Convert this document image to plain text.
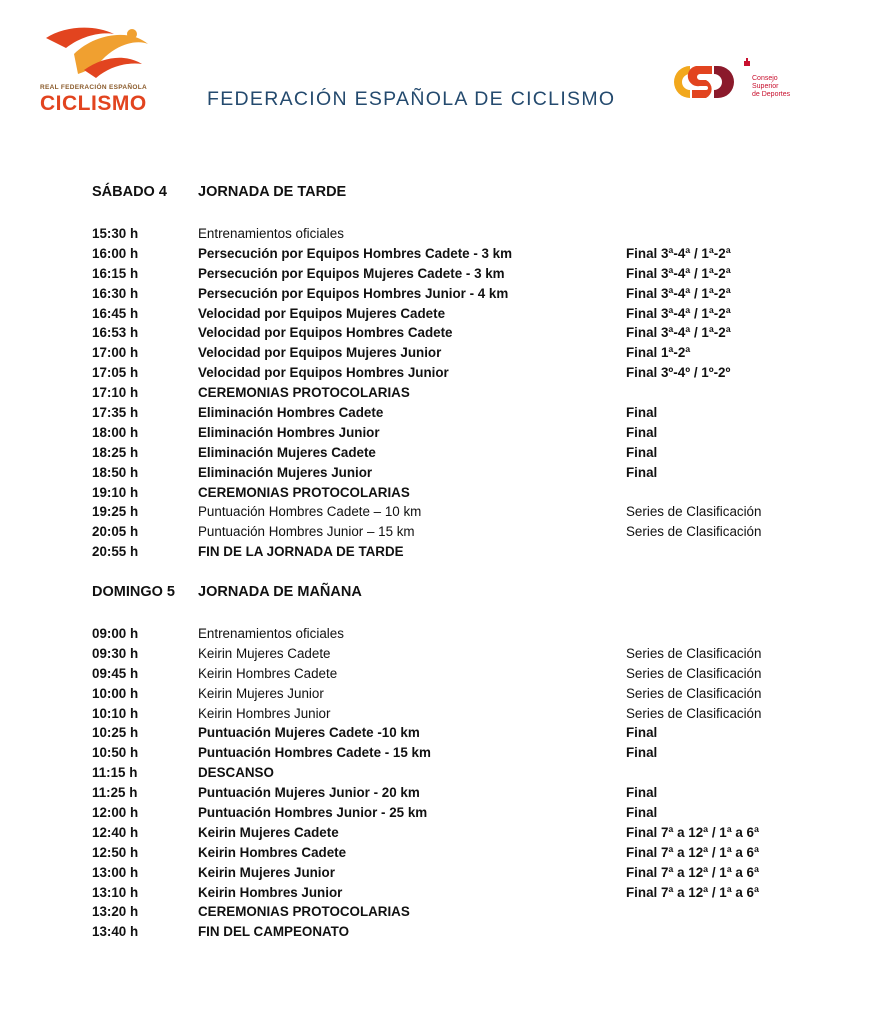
REAL FEDERACIÓN ESPAÑOLA
CICLISMO	FEDERACIÓN ESPAÑOLA DE CICLISMO
Consejo
Superior
de Deportes
SÁBADO 4 JORNADA DE TARDE
15:30 h	Entrenamientos oficiales
16:00 h	Persecución por Equipos Hombres Cadete - 3 km	Final 3ª-4ª / 1ª-2ª
16:15 h	Persecución por Equipos Mujeres Cadete - 3 km	Final 3ª-4ª / 1ª-2ª
16:30 h	Persecución por Equipos Hombres Junior - 4 km	Final 3ª-4ª / 1ª-2ª
16:45 h	Velocidad por Equipos Mujeres Cadete	Final 3ª-4ª / 1ª-2ª
16:53 h	Velocidad por Equipos Hombres Cadete	Final 3ª-4ª / 1ª-2ª
17:00 h	Velocidad por Equipos Mujeres Junior	Final 1ª-2ª
17:05 h	Velocidad por Equipos Hombres Junior	Final 3º-4º / 1º-2º
17:10 h	CEREMONIAS PROTOCOLARIAS
17:35 h	Eliminación Hombres Cadete	Final
18:00 h	Eliminación Hombres Junior	Final
18:25 h	Eliminación Mujeres Cadete	Final
18:50 h	Eliminación Mujeres Junior	Final
19:10 h	CEREMONIAS PROTOCOLARIAS
19:25 h	Puntuación Hombres Cadete – 10 km	Series de Clasificación
20:05 h	Puntuación Hombres Junior – 15 km	Series de Clasificación
20:55 h	FIN DE LA JORNADA DE TARDE
DOMINGO 5 JORNADA DE MAÑANA
09:00 h	Entrenamientos oficiales
09:30 h	Keirin Mujeres Cadete	Series de Clasificación
09:45 h	Keirin Hombres Cadete	Series de Clasificación
10:00 h	Keirin Mujeres Junior	Series de Clasificación
10:10 h	Keirin Hombres Junior	Series de Clasificación
10:25 h	Puntuación Mujeres Cadete -10 km	Final
10:50 h	Puntuación Hombres Cadete - 15 km	Final
11:15 h	DESCANSO
11:25 h	Puntuación Mujeres Junior - 20 km	Final
12:00 h	Puntuación Hombres Junior - 25 km	Final
12:40 h	Keirin Mujeres Cadete	Final 7ª a 12ª / 1ª a 6ª
12:50 h	Keirin Hombres Cadete	Final 7ª a 12ª / 1ª a 6ª
13:00 h	Keirin Mujeres Junior	Final 7ª a 12ª / 1ª a 6ª
13:10 h	Keirin Hombres Junior	Final 7ª a 12ª / 1ª a 6ª
13:20 h	CEREMONIAS PROTOCOLARIAS
13:40 h	FIN DEL CAMPEONATO
